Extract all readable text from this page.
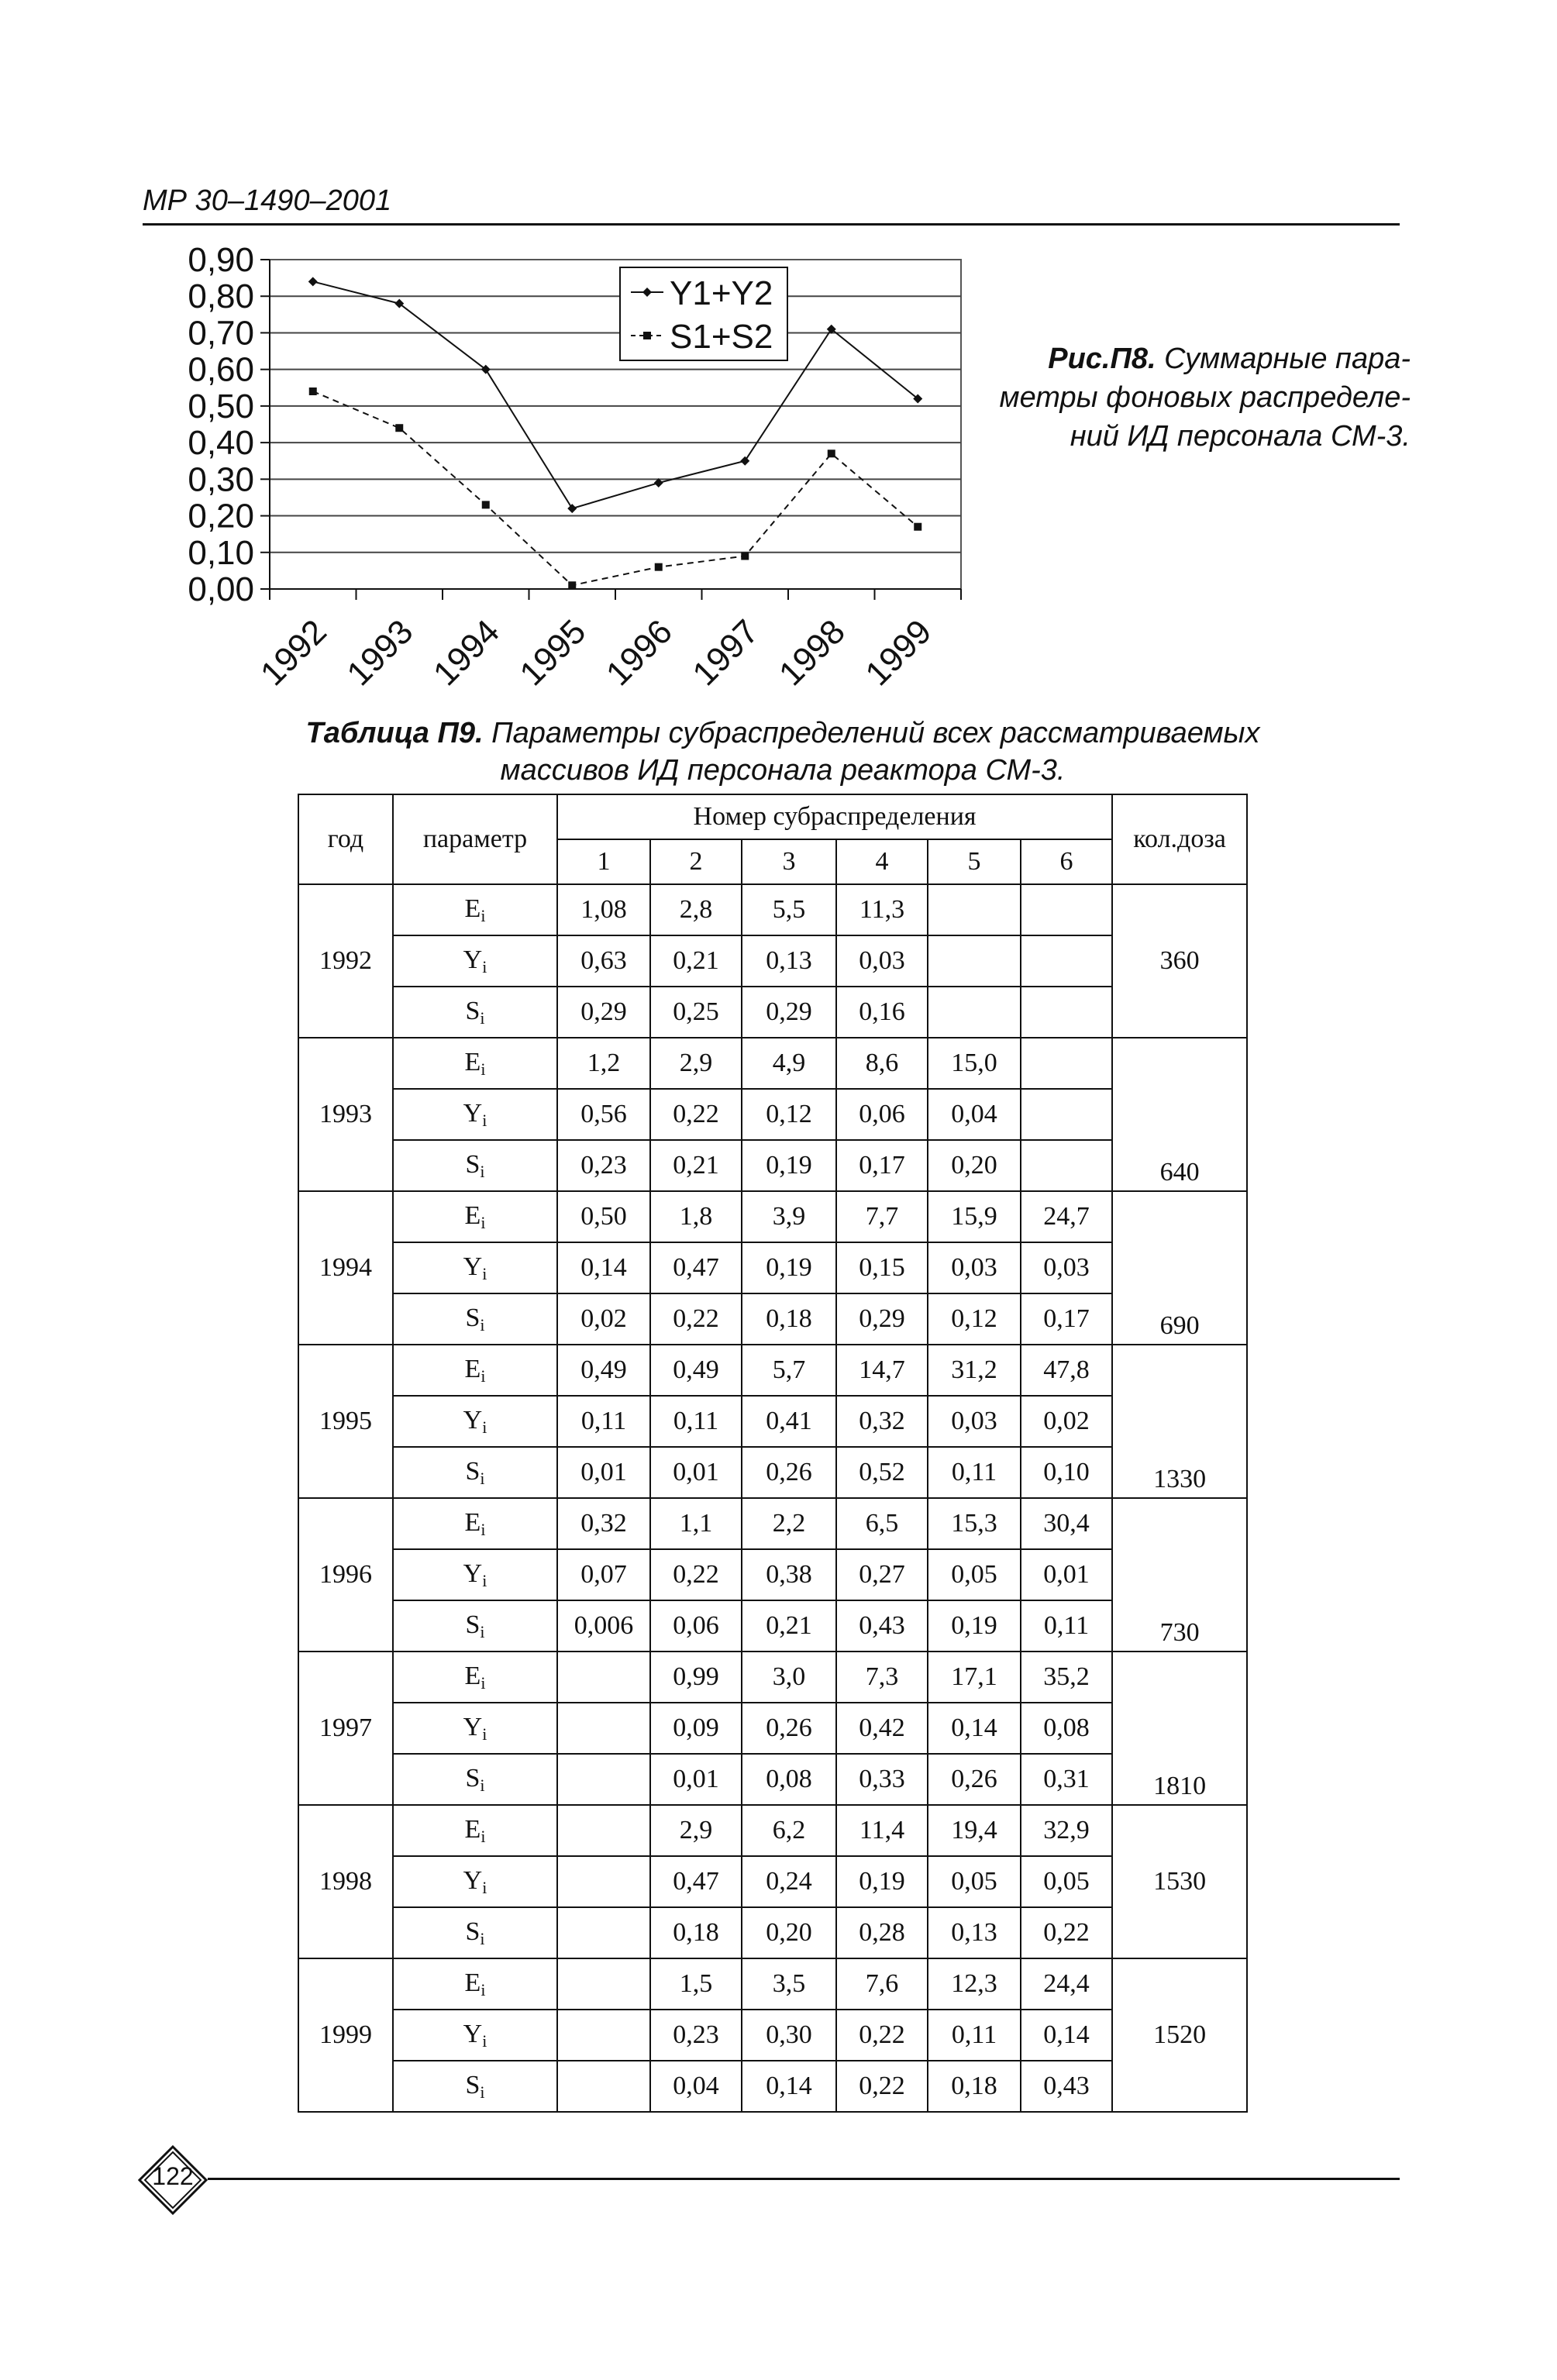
МР 30–1490–2001
0,00
0,10
0,20
0,30
0,40
0,50
0,60
0,70
0,80
0,90
1992 1993 1994 1995 1996 1997 1998 1999
Y1+Y2
S1+S2
Рис.П8. Суммарные пара-метры фоновых распределе-ний ИД персонала СМ-3.
Таблица П9. Параметры субраспределений всех рассматриваемых массивов ИД персонала реактора СМ-3.
год	параметр	Номер субраспределения						кол.доза
		1	2	3	4	5	6	
1992	$E_i$	1,08	2,8	5,5	11,3			360
	$Y_i$	0,63	0,21	0,13	0,03			
	$S_i$	0,29	0,25	0,29	0,16			
1993	$E_i$	1,2	2,9	4,9	8,6	15,0		640
	$Y_i$	0,56	0,22	0,12	0,06	0,04		
	$S_i$	0,23	0,21	0,19	0,17	0,20		
1994	$E_i$	0,50	1,8	3,9	7,7	15,9	24,7	690
	$Y_i$	0,14	0,47	0,19	0,15	0,03	0,03	
	$S_i$	0,02	0,22	0,18	0,29	0,12	0,17	
1995	$E_i$	0,49	0,49	5,7	14,7	31,2	47,8	1330
	$Y_i$	0,11	0,11	0,41	0,32	0,03	0,02	
	$S_i$	0,01	0,01	0,26	0,52	0,11	0,10	
1996	$E_i$	0,32	1,1	2,2	6,5	15,3	30,4	730
	$Y_i$	0,07	0,22	0,38	0,27	0,05	0,01	
	$S_i$	0,006	0,06	0,21	0,43	0,19	0,11	
1997	$E_i$		0,99	3,0	7,3	17,1	35,2	1810
	$Y_i$		0,09	0,26	0,42	0,14	0,08	
	$S_i$		0,01	0,08	0,33	0,26	0,31	
1998	$E_i$		2,9	6,2	11,4	19,4	32,9	1530
	$Y_i$		0,47	0,24	0,19	0,05	0,05	
	$S_i$		0,18	0,20	0,28	0,13	0,22	
1999	$E_i$		1,5	3,5	7,6	12,3	24,4	1520
	$Y_i$		0,23	0,30	0,22	0,11	0,14	
	$S_i$		0,04	0,14	0,22	0,18	0,43	
122
